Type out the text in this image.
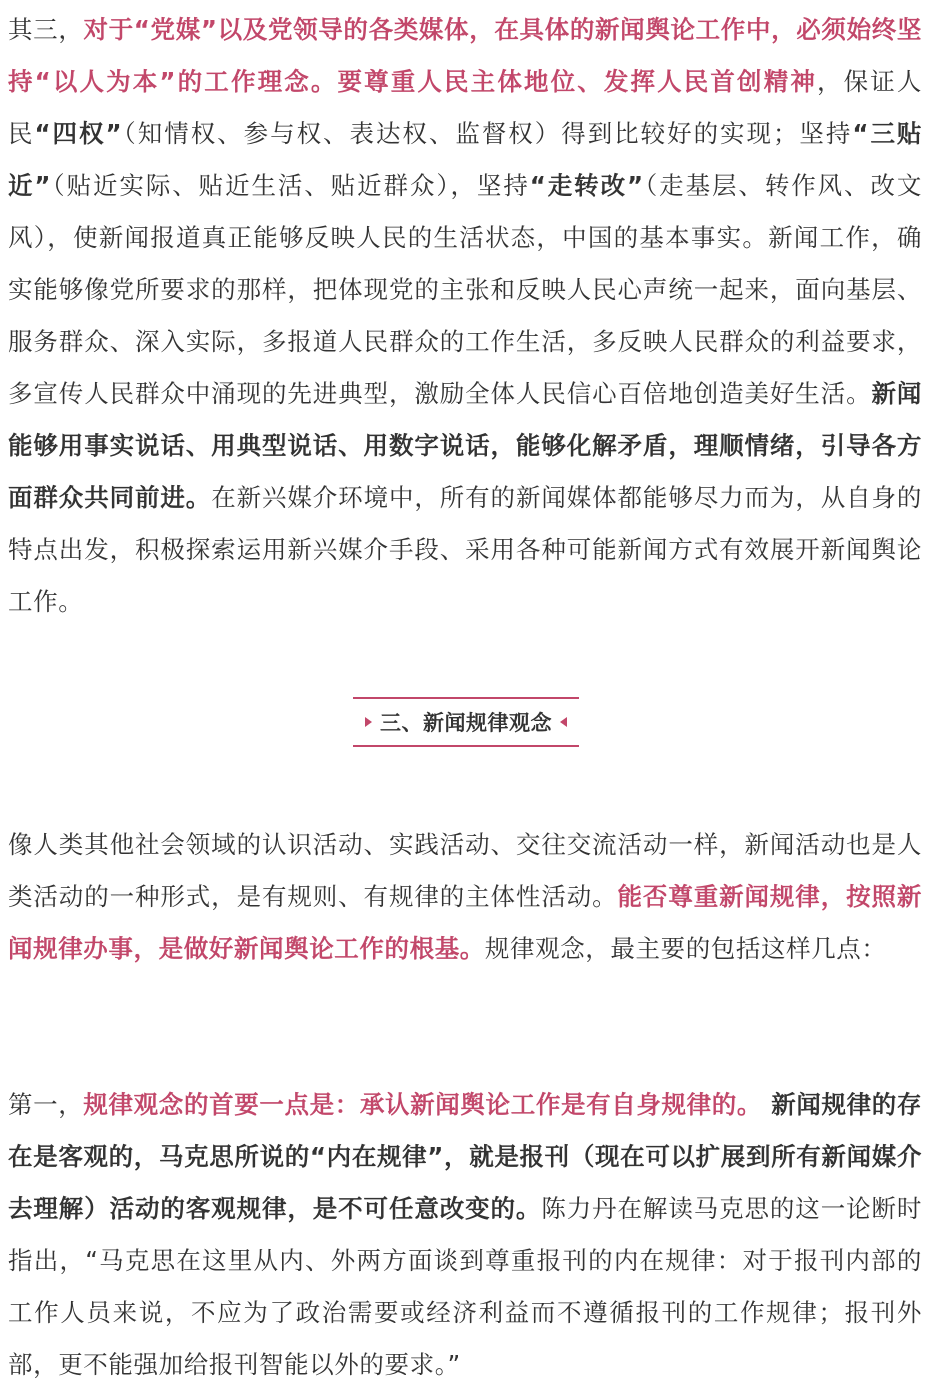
其三，对于“党媒”以及党领导的各类媒体，在具体的新闻舆论工作中，必须始终坚持“以人为本”的工作理念。要尊重人民主体地位、发挥人民首创精神，保证人民“四权”（知情权、参与权、表达权、监督权）得到比较好的实现；坚持“三贴近”（贴近实际、贴近生活、贴近群众），坚持“走转改”（走基层、转作风、改文风），使新闻报道真正能够反映人民的生活状态，中国的基本事实。新闻工作，确实能够像党所要求的那样，把体现党的主张和反映人民心声统一起来，面向基层、服务群众、深入实际，多报道人民群众的工作生活，多反映人民群众的利益要求，多宣传人民群众中涌现的先进典型，激励全体人民信心百倍地创造美好生活。新闻能够用事实说话、用典型说话、用数字说话，能够化解矛盾，理顺情绪，引导各方面群众共同前进。在新兴媒介环境中，所有的新闻媒体都能够尽力而为，从自身的特点出发，积极探索运用新兴媒介手段、采用各种可能新闻方式有效展开新闻舆论工作。

三、新闻规律观念

像人类其他社会领域的认识活动、实践活动、交往交流活动一样，新闻活动也是人类活动的一种形式，是有规则、有规律的主体性活动。能否尊重新闻规律，按照新闻规律办事，是做好新闻舆论工作的根基。规律观念，最主要的包括这样几点：

第一，规律观念的首要一点是：承认新闻舆论工作是有自身规律的。 新闻规律的存在是客观的，马克思所说的“内在规律”，就是报刊（现在可以扩展到所有新闻媒介去理解）活动的客观规律，是不可任意改变的。陈力丹在解读马克思的这一论断时指出，“马克思在这里从内、外两方面谈到尊重报刊的内在规律：对于报刊内部的工作人员来说，不应为了政治需要或经济利益而不遵循报刊的工作规律；报刊外部，更不能强加给报刊智能以外的要求。”
